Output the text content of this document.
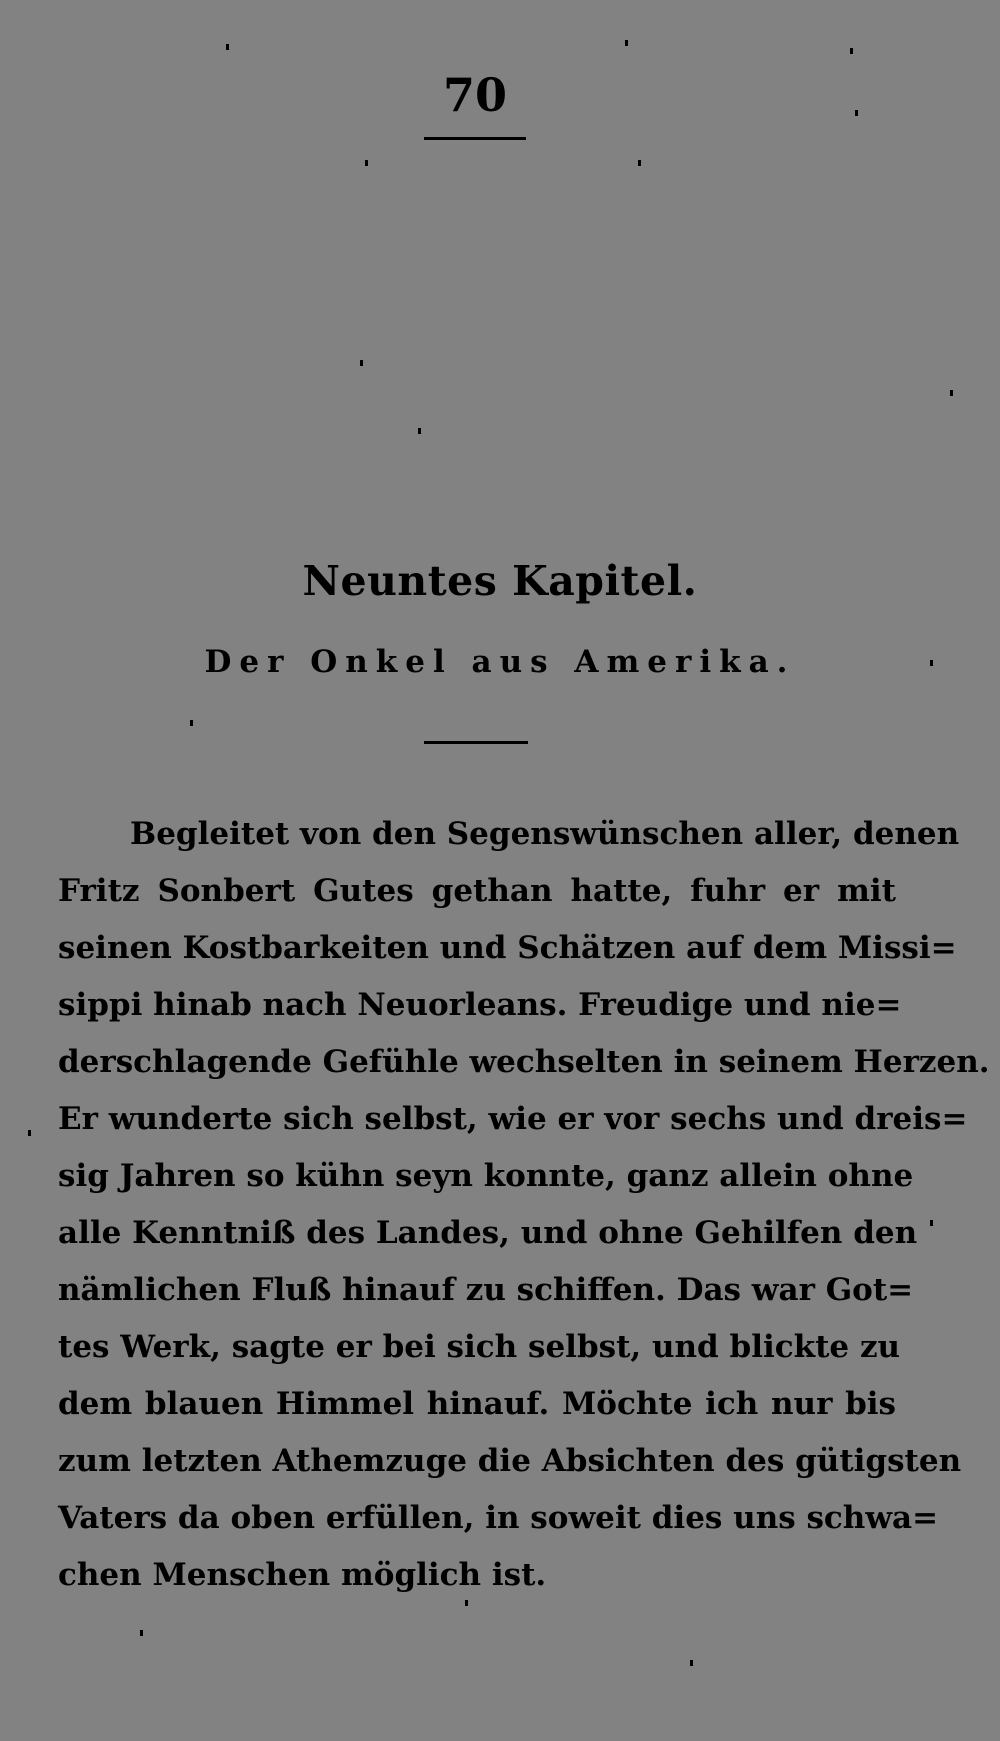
70
Neuntes Kapitel.
Der Onkel aus Amerika.
Begleitet von den Segenswünschen aller, denen
Fritz Sonbert Gutes gethan hatte, fuhr er mit
seinen Kostbarkeiten und Schätzen auf dem Missi=
sippi hinab nach Neuorleans. Freudige und nie=
derschlagende Gefühle wechselten in seinem Herzen.
Er wunderte sich selbst, wie er vor sechs und dreis=
sig Jahren so kühn seyn konnte, ganz allein ohne
alle Kenntniß des Landes, und ohne Gehilfen den
nämlichen Fluß hinauf zu schiffen. Das war Got=
tes Werk, sagte er bei sich selbst, und blickte zu
dem blauen Himmel hinauf. Möchte ich nur bis
zum letzten Athemzuge die Absichten des gütigsten
Vaters da oben erfüllen, in soweit dies uns schwa=
chen Menschen möglich ist.
